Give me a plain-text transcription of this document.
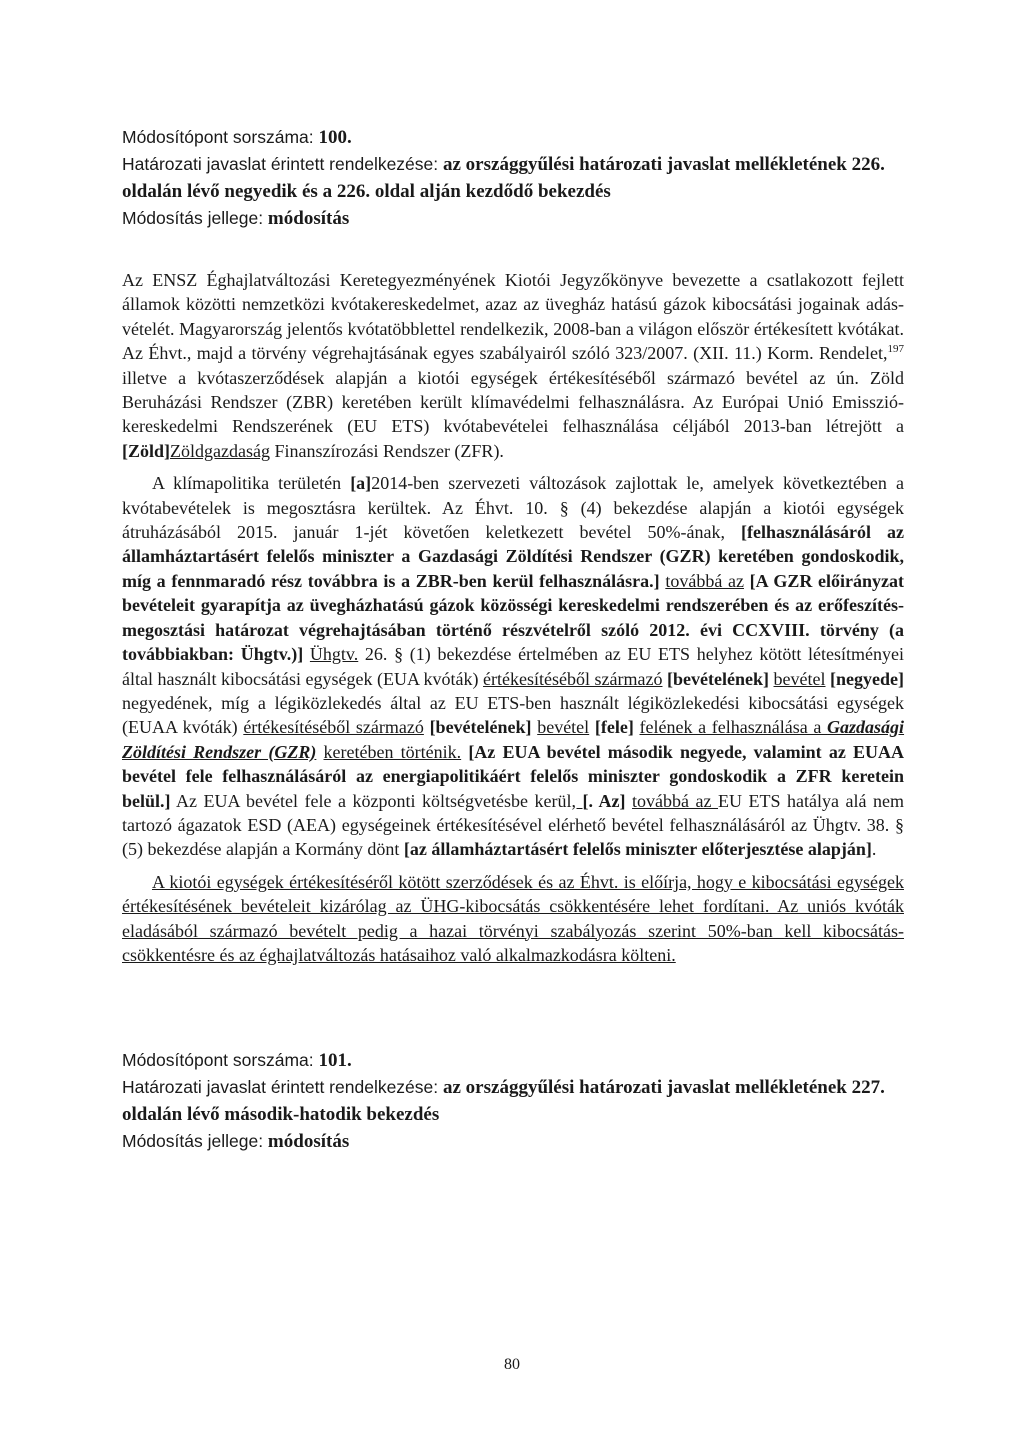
Módosítópont sorszáma: 100.
Határozati javaslat érintett rendelkezése: az országgyűlési határozati javaslat mellékletének 226. oldalán lévő negyedik és a 226. oldal alján kezdődő bekezdés
Módosítás jellege: módosítás

Az ENSZ Éghajlatváltozási Keretegyezményének Kiotói Jegyzőkönyve bevezette a csatlakozott fejlett államok közötti nemzetközi kvótakereskedelmet, azaz az üvegház hatású gázok kibocsátási jogainak adás-vételét. Magyarország jelentős kvótatöbblettel rendelkezik, 2008-ban a világon először értékesített kvótákat. Az Éhvt., majd a törvény végrehajtásának egyes szabályairól szóló 323/2007. (XII. 11.) Korm. Rendelet,$^{197}$ illetve a kvótaszerződések alapján a kiotói egységek értékesítéséből származó bevétel az ún. Zöld Beruházási Rendszer (ZBR) keretében került klímavédelmi felhasználásra. Az Európai Unió Emisszió-kereskedelmi Rendszerének (EU ETS) kvótabevételei felhasználása céljából 2013-ban létrejött a [Zöld]Zöldgazdaság Finanszírozási Rendszer (ZFR).

A klímapolitika területén [a]2014-ben szervezeti változások zajlottak le, amelyek következtében a kvótabevételek is megosztásra kerültek. Az Éhvt. 10. § (4) bekezdése alapján a kiotói egységek átruházásából 2015. január 1-jét követően keletkezett bevétel 50%-ának, [felhasználásáról az államháztartásért felelős miniszter a Gazdasági Zöldítési Rendszer (GZR) keretében gondoskodik, míg a fennmaradó rész továbbra is a ZBR-ben kerül felhasználásra.] továbbá az [A GZR előirányzat bevételeit gyarapítja az üvegházhatású gázok közösségi kereskedelmi rendszerében és az erőfeszítés-megosztási határozat végrehajtásában történő részvételről szóló 2012. évi CCXVIII. törvény (a továbbiakban: Ühgtv.)] Ühgtv. 26. § (1) bekezdése értelmében az EU ETS helyhez kötött létesítményei által használt kibocsátási egységek (EUA kvóták) értékesítéséből származó [bevételének] bevétel [negyede] negyedének, míg a légiközlekedés által az EU ETS-ben használt légiközlekedési kibocsátási egységek (EUAA kvóták) értékesítéséből származó [bevételének] bevétel [fele] felének a felhasználása a Gazdasági Zöldítési Rendszer (GZR) keretében történik. [Az EUA bevétel második negyede, valamint az EUAA bevétel fele felhasználásáról az energiapolitikáért felelős miniszter gondoskodik a ZFR keretein belül.] Az EUA bevétel fele a központi költségvetésbe kerül, [. Az] továbbá az EU ETS hatálya alá nem tartozó ágazatok ESD (AEA) egységeinek értékesítésével elérhető bevétel felhasználásáról az Ühgtv. 38. § (5) bekezdése alapján a Kormány dönt [az államháztartásért felelős miniszter előterjesztése alapján].

A kiotói egységek értékesítéséről kötött szerződések és az Éhvt. is előírja, hogy e kibocsátási egységek értékesítésének bevételeit kizárólag az ÜHG-kibocsátás csökkentésére lehet fordítani. Az uniós kvóták eladásából származó bevételt pedig a hazai törvényi szabályozás szerint 50%-ban kell kibocsátás-csökkentésre és az éghajlatváltozás hatásaihoz való alkalmazkodásra költeni.

Módosítópont sorszáma: 101.
Határozati javaslat érintett rendelkezése: az országgyűlési határozati javaslat mellékletének 227. oldalán lévő második-hatodik bekezdés
Módosítás jellege: módosítás
80
